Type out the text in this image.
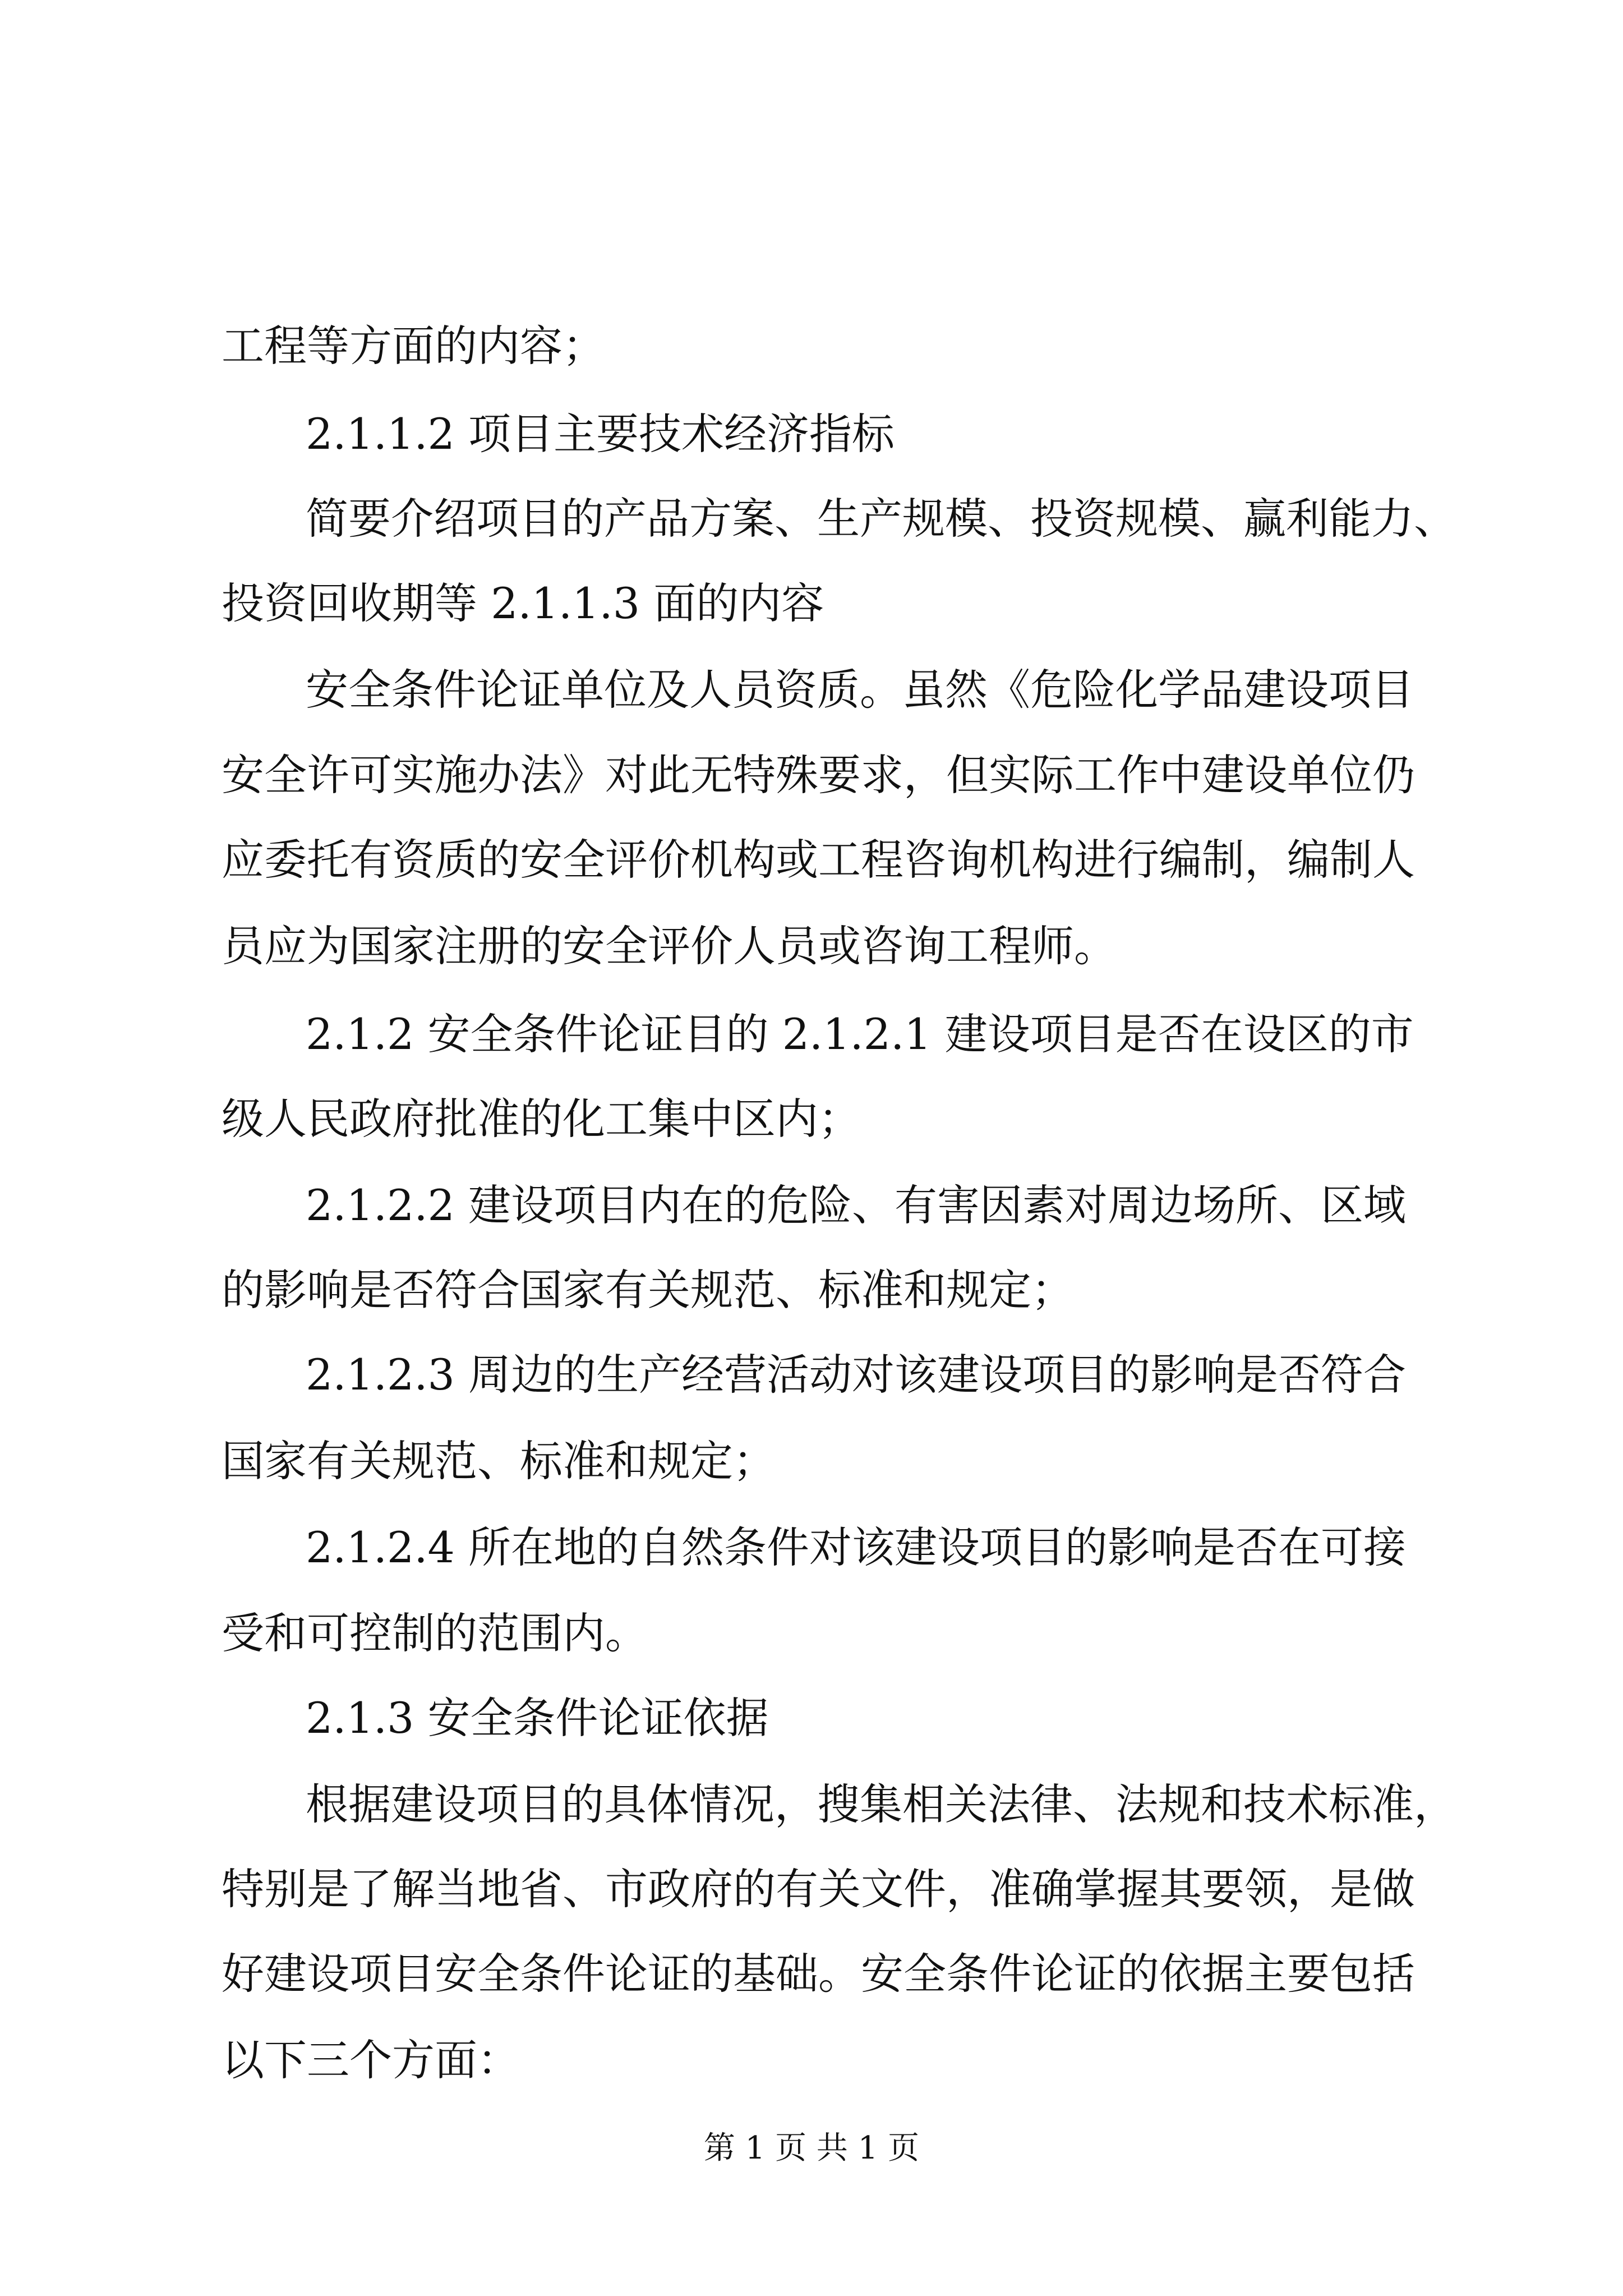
工程等方面的内容；
2.1.1.2 项目主要技术经济指标
简要介绍项目的产品方案、生产规模、投资规模、赢利能力、
投资回收期等 2.1.1.3 面的内容
安全条件论证单位及人员资质。虽然《危险化学品建设项目
安全许可实施办法》对此无特殊要求，但实际工作中建设单位仍
应委托有资质的安全评价机构或工程咨询机构进行编制，编制人
员应为国家注册的安全评价人员或咨询工程师。
2.1.2 安全条件论证目的 2.1.2.1 建设项目是否在设区的市
级人民政府批准的化工集中区内；
2.1.2.2 建设项目内在的危险、有害因素对周边场所、区域
的影响是否符合国家有关规范、标准和规定；
2.1.2.3 周边的生产经营活动对该建设项目的影响是否符合
国家有关规范、标准和规定；
2.1.2.4 所在地的自然条件对该建设项目的影响是否在可接
受和可控制的范围内。
2.1.3 安全条件论证依据
根据建设项目的具体情况，搜集相关法律、法规和技术标准，
特别是了解当地省、市政府的有关文件，准确掌握其要领，是做
好建设项目安全条件论证的基础。安全条件论证的依据主要包括
以下三个方面：
第 1 页 共 1 页
